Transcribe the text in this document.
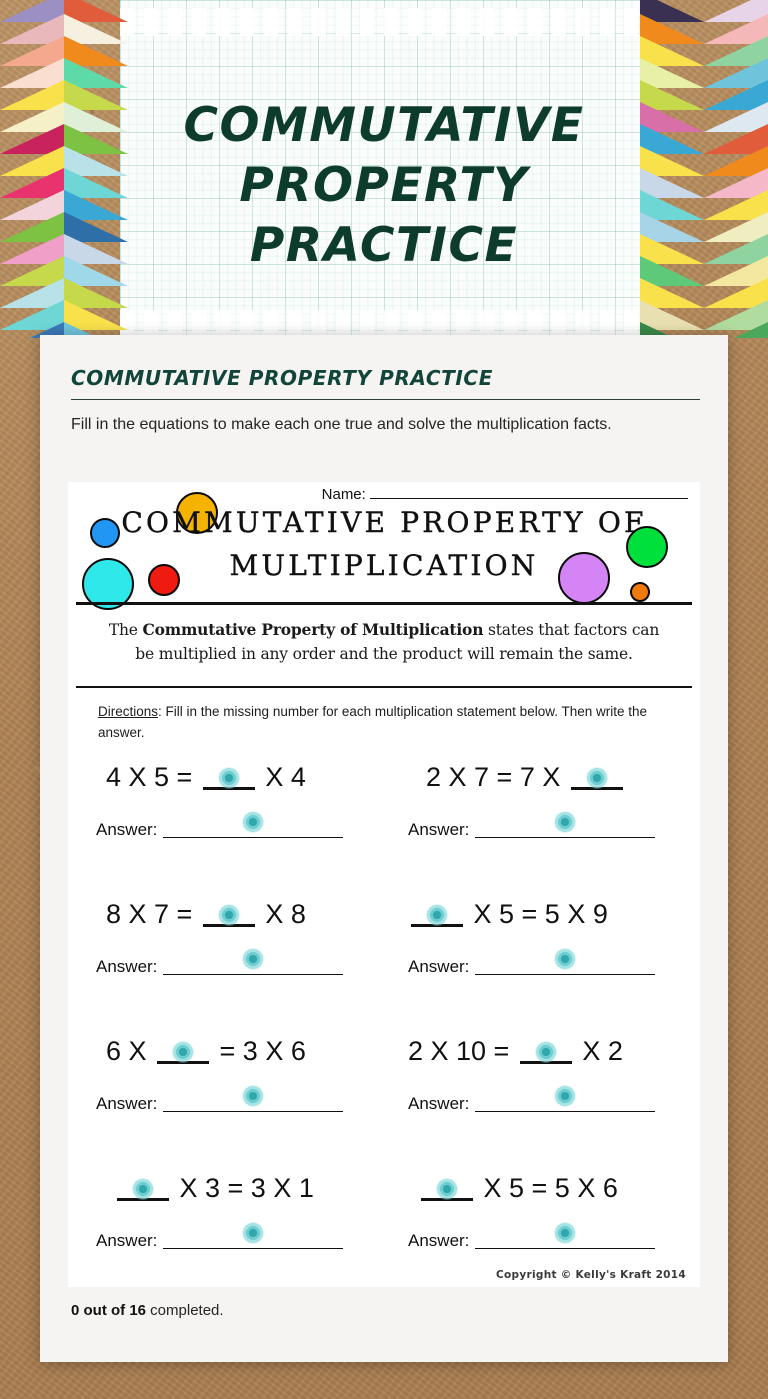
COMMUTATIVE
PROPERTY PRACTICE
COMMUTATIVE PROPERTY PRACTICE
Fill in the equations to make each one true and solve the multiplication facts.
Name:
COMMUTATIVE PROPERTY OF
MULTIPLICATION
The Commutative Property of Multiplication states that factors can be multiplied in any order and the product will remain the same.
Directions: Fill in the missing number for each multiplication statement below. Then write the answer.
4 X 5 =
X 4
Answer:
2 X 7 = 7 X
Answer:
8 X 7 =
X 8
Answer:
X 5 = 5 X 9
Answer:
6 X
= 3 X 6
Answer:
2 X 10 =
X 2
Answer:
X 3 = 3 X 1
Answer:
X 5 = 5 X 6
Answer:
Copyright © Kelly's Kraft 2014
0 out of 16 completed.
